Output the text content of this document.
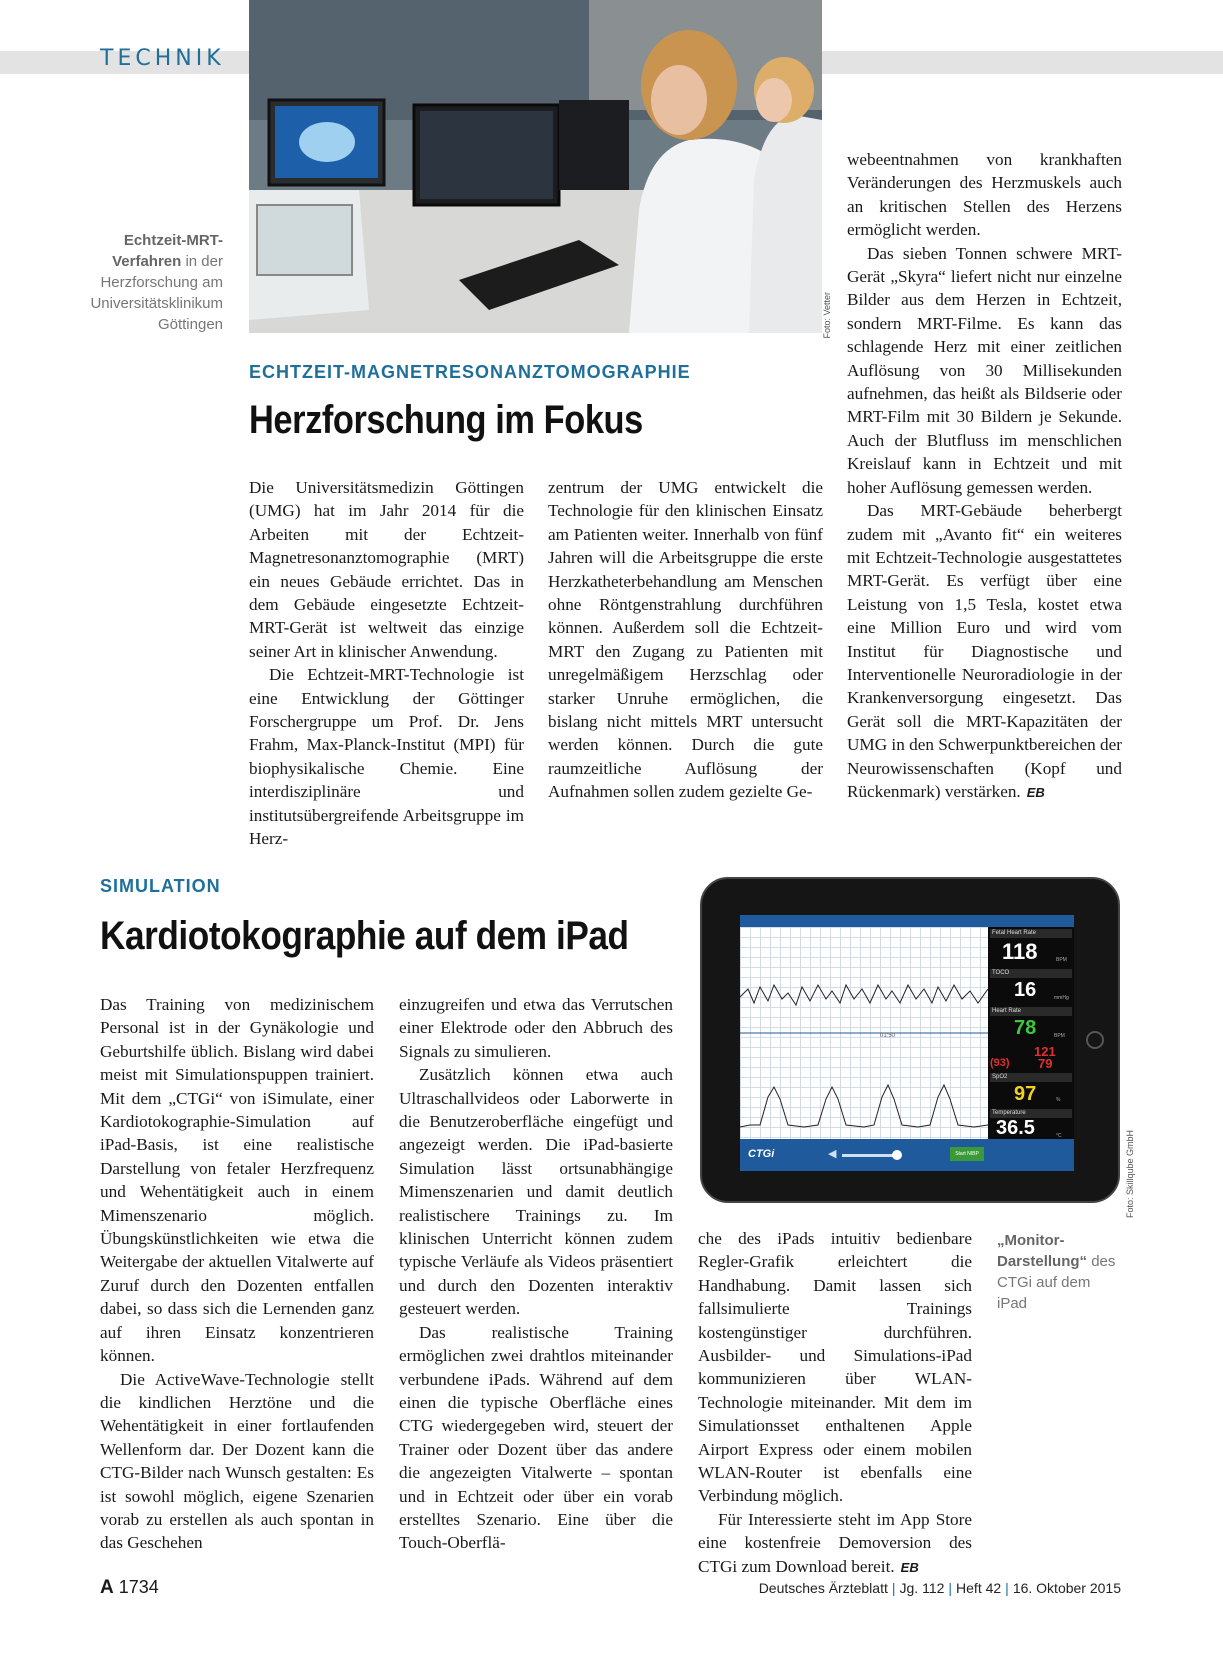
TECHNIK
Foto: Vetter
Echtzeit-MRT-Verfahren in der Herzforschung am Universitätsklinikum Göttingen
ECHTZEIT-MAGNETRESONANZTOMOGRAPHIE
Herzforschung im Fokus

Die Universitätsmedizin Göttingen (UMG) hat im Jahr 2014 für die Arbeiten mit der Echtzeit-Magnetresonanztomographie (MRT) ein neues Gebäude errichtet. Das in dem Gebäude eingesetzte Echtzeit-MRT-Gerät ist weltweit das einzige seiner Art in klinischer Anwendung.

Die Echtzeit-MRT-Technologie ist eine Entwicklung der Göttinger Forschergruppe um Prof. Dr. Jens Frahm, Max-Planck-Institut (MPI) für biophysikalische Chemie. Eine interdisziplinäre und institutsübergreifende Arbeitsgruppe im Herz-

zentrum der UMG entwickelt die Technologie für den klinischen Einsatz am Patienten weiter. Innerhalb von fünf Jahren will die Arbeitsgruppe die erste Herzkatheterbehandlung am Menschen ohne Röntgenstrahlung durchführen können. Außerdem soll die Echtzeit-MRT den Zugang zu Patienten mit unregelmäßigem Herzschlag oder starker Unruhe ermöglichen, die bislang nicht mittels MRT untersucht werden können. Durch die gute raumzeitliche Auflösung der Aufnahmen sollen zudem gezielte Ge-

webeentnahmen von krankhaften Veränderungen des Herzmuskels auch an kritischen Stellen des Herzens ermöglicht werden.

Das sieben Tonnen schwere MRT-Gerät „Skyra“ liefert nicht nur einzelne Bilder aus dem Herzen in Echtzeit, sondern MRT-Filme. Es kann das schlagende Herz mit einer zeitlichen Auflösung von 30 Millisekunden aufnehmen, das heißt als Bildserie oder MRT-Film mit 30 Bildern je Sekunde. Auch der Blutfluss im menschlichen Kreislauf kann in Echtzeit und mit hoher Auflösung gemessen werden.

Das MRT-Gebäude beherbergt zudem mit „Avanto fit“ ein weiteres mit Echtzeit-Technologie ausgestattetes MRT-Gerät. Es verfügt über eine Leistung von 1,5 Tesla, kostet etwa eine Million Euro und wird vom Institut für Diagnostische und Interventionelle Neuroradiologie in der Krankenversorgung eingesetzt. Das Gerät soll die MRT-Kapazitäten der UMG in den Schwerpunktbereichen der Neurowissenschaften (Kopf und Rückenmark) verstärken. EB

SIMULATION
Kardiotokographie auf dem iPad

Das Training von medizinischem Personal ist in der Gynäkologie und Geburtshilfe üblich. Bislang wird dabei meist mit Simulationspuppen trainiert. Mit dem „CTGi“ von iSimulate, einer Kardiotokographie-Simulation auf iPad-Basis, ist eine realistische Darstellung von fetaler Herzfrequenz und Wehentätigkeit auch in einem Mimenszenario möglich. Übungskünstlichkeiten wie etwa die Weitergabe der aktuellen Vitalwerte auf Zuruf durch den Dozenten entfallen dabei, so dass sich die Lernenden ganz auf ihren Einsatz konzentrieren können.

Die ActiveWave-Technologie stellt die kindlichen Herztöne und die Wehentätigkeit in einer fortlaufenden Wellenform dar. Der Dozent kann die CTG-Bilder nach Wunsch gestalten: Es ist sowohl möglich, eigene Szenarien vorab zu erstellen als auch spontan in das Geschehen

einzugreifen und etwa das Verrutschen einer Elektrode oder den Abbruch des Signals zu simulieren.

Zusätzlich können etwa auch Ultraschallvideos oder Laborwerte in die Benutzeroberfläche eingefügt und angezeigt werden. Die iPad-basierte Simulation lässt ortsunabhängige Mimenszenarien und damit deutlich realistischere Trainings zu. Im klinischen Unterricht können zudem typische Verläufe als Videos präsentiert und durch den Dozenten interaktiv gesteuert werden.

Das realistische Training ermöglichen zwei drahtlos miteinander verbundene iPads. Während auf dem einen die typische Oberfläche eines CTG wiedergegeben wird, steuert der Trainer oder Dozent über das andere die angezeigten Vitalwerte – spontan und in Echtzeit oder über ein vorab erstelltes Szenario. Eine über die Touch-Oberflä-

che des iPads intuitiv bedienbare Regler-Grafik erleichtert die Handhabung. Damit lassen sich fallsimulierte Trainings kostengünstiger durchführen. Ausbilder- und Simulations-iPad kommunizieren über WLAN-Technologie miteinander. Mit dem im Simulationsset enthaltenen Apple Airport Express oder einem mobilen WLAN-Router ist ebenfalls eine Verbindung möglich.

Für Interessierte steht im App Store eine kostenfreie Demoversion des CTGi zum Download bereit. EB

„Monitor-Darstellung“ des CTGi auf dem iPad
Foto: Skillqube GmbH
01:50
Fetal Heart Rate
118	BPM
TOCO
16	mmHg
Heart Rate
78	BPM
121
(93) 79
SpO2
97	%
Temperature
36.5	°C
CTGi	◀	Start NIBP
A 1734	Deutsches Ärzteblatt | Jg. 112 | Heft 42 | 16. Oktober 2015
